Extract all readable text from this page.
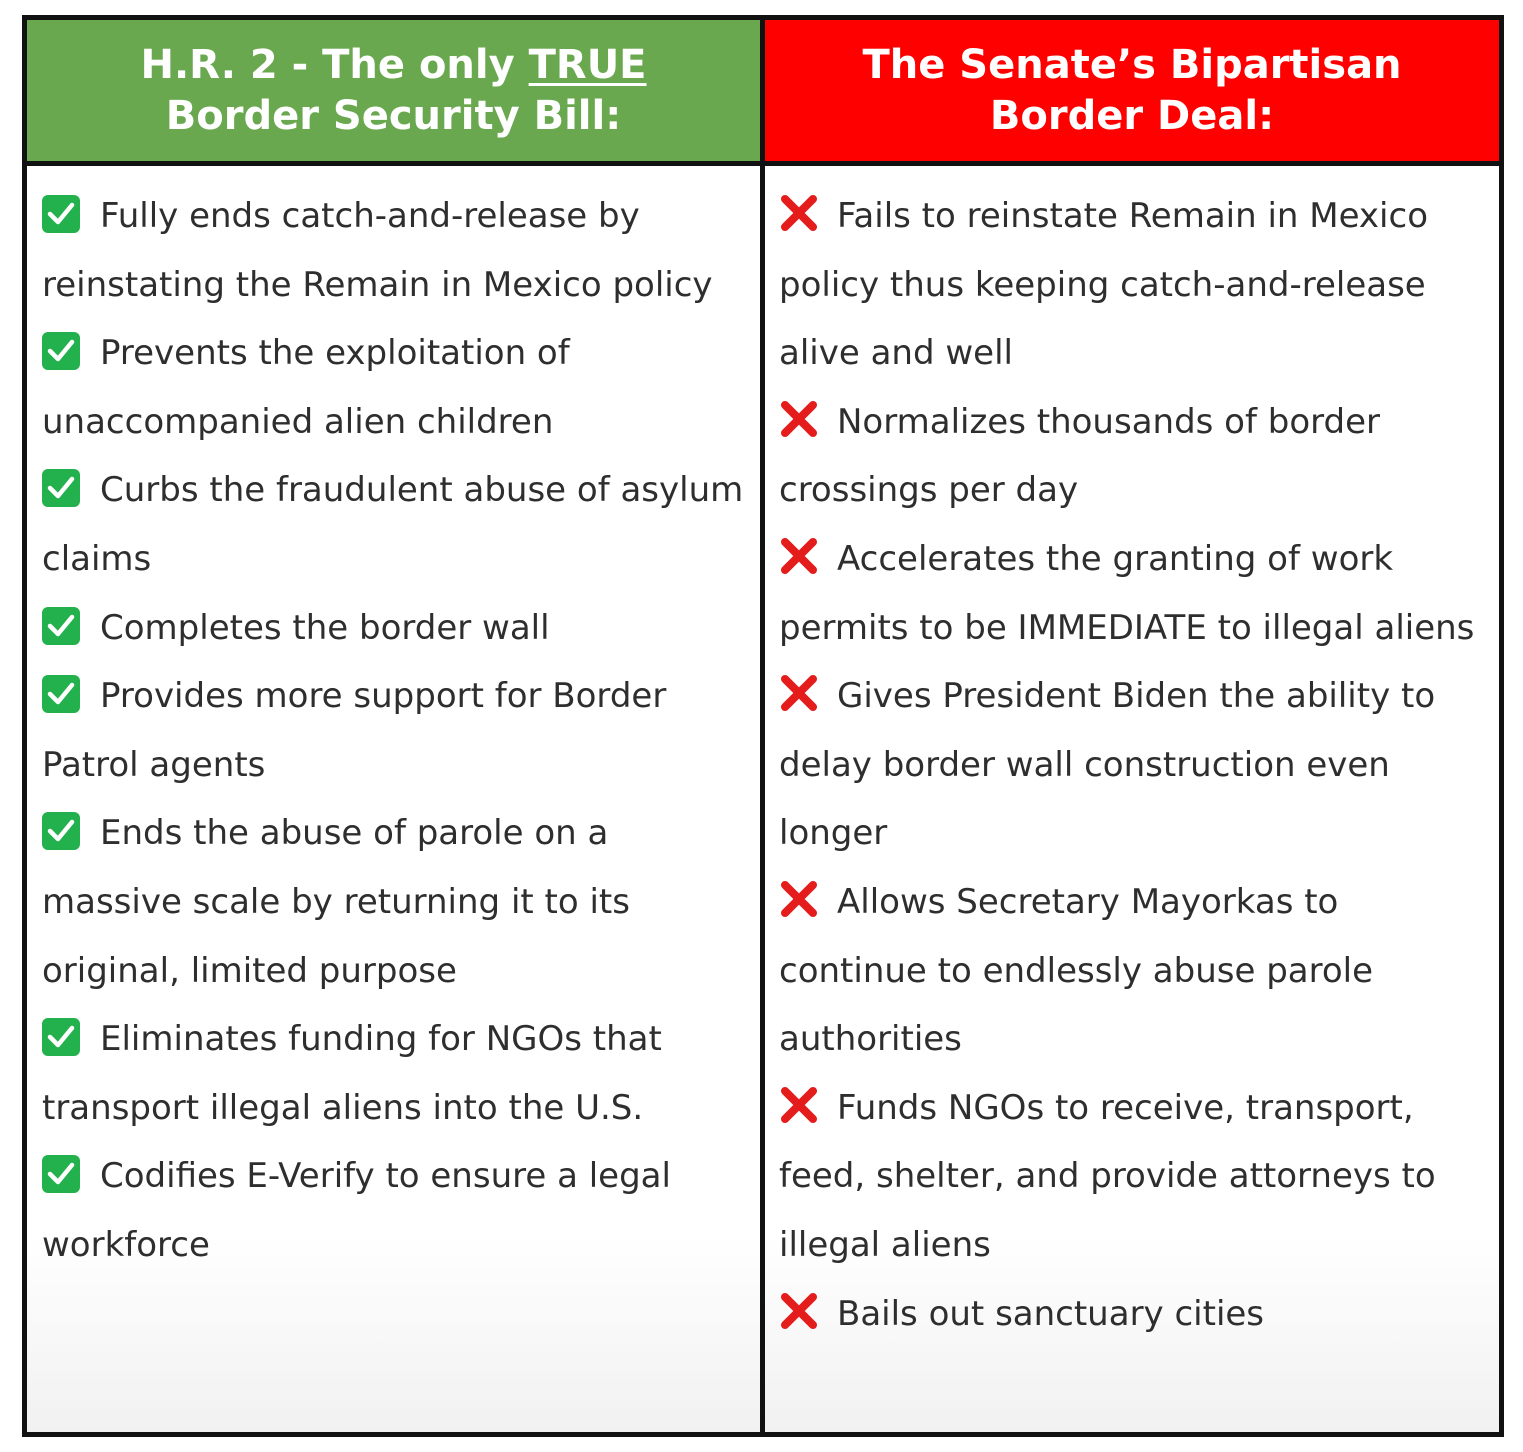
H.R. 2 - The only TRUE Border Security Bill:
The Senate’s Bipartisan Border Deal:

Fully ends catch-and-release by reinstating the Remain in Mexico policy

Prevents the exploitation of unaccompanied alien children

Curbs the fraudulent abuse of asylum claims

Completes the border wall

Provides more support for Border Patrol agents

Ends the abuse of parole on a massive scale by returning it to its original, limited purpose

Eliminates funding for NGOs that transport illegal aliens into the U.S.

Codifies E-Verify to ensure a legal workforce

Fails to reinstate Remain in Mexico policy thus keeping catch-and-release alive and well

Normalizes thousands of border crossings per day

Accelerates the granting of work permits to be IMMEDIATE to illegal aliens

Gives President Biden the ability to delay border wall construction even longer

Allows Secretary Mayorkas to continue to endlessly abuse parole authorities

Funds NGOs to receive, transport, feed, shelter, and provide attorneys to illegal aliens

Bails out sanctuary cities
